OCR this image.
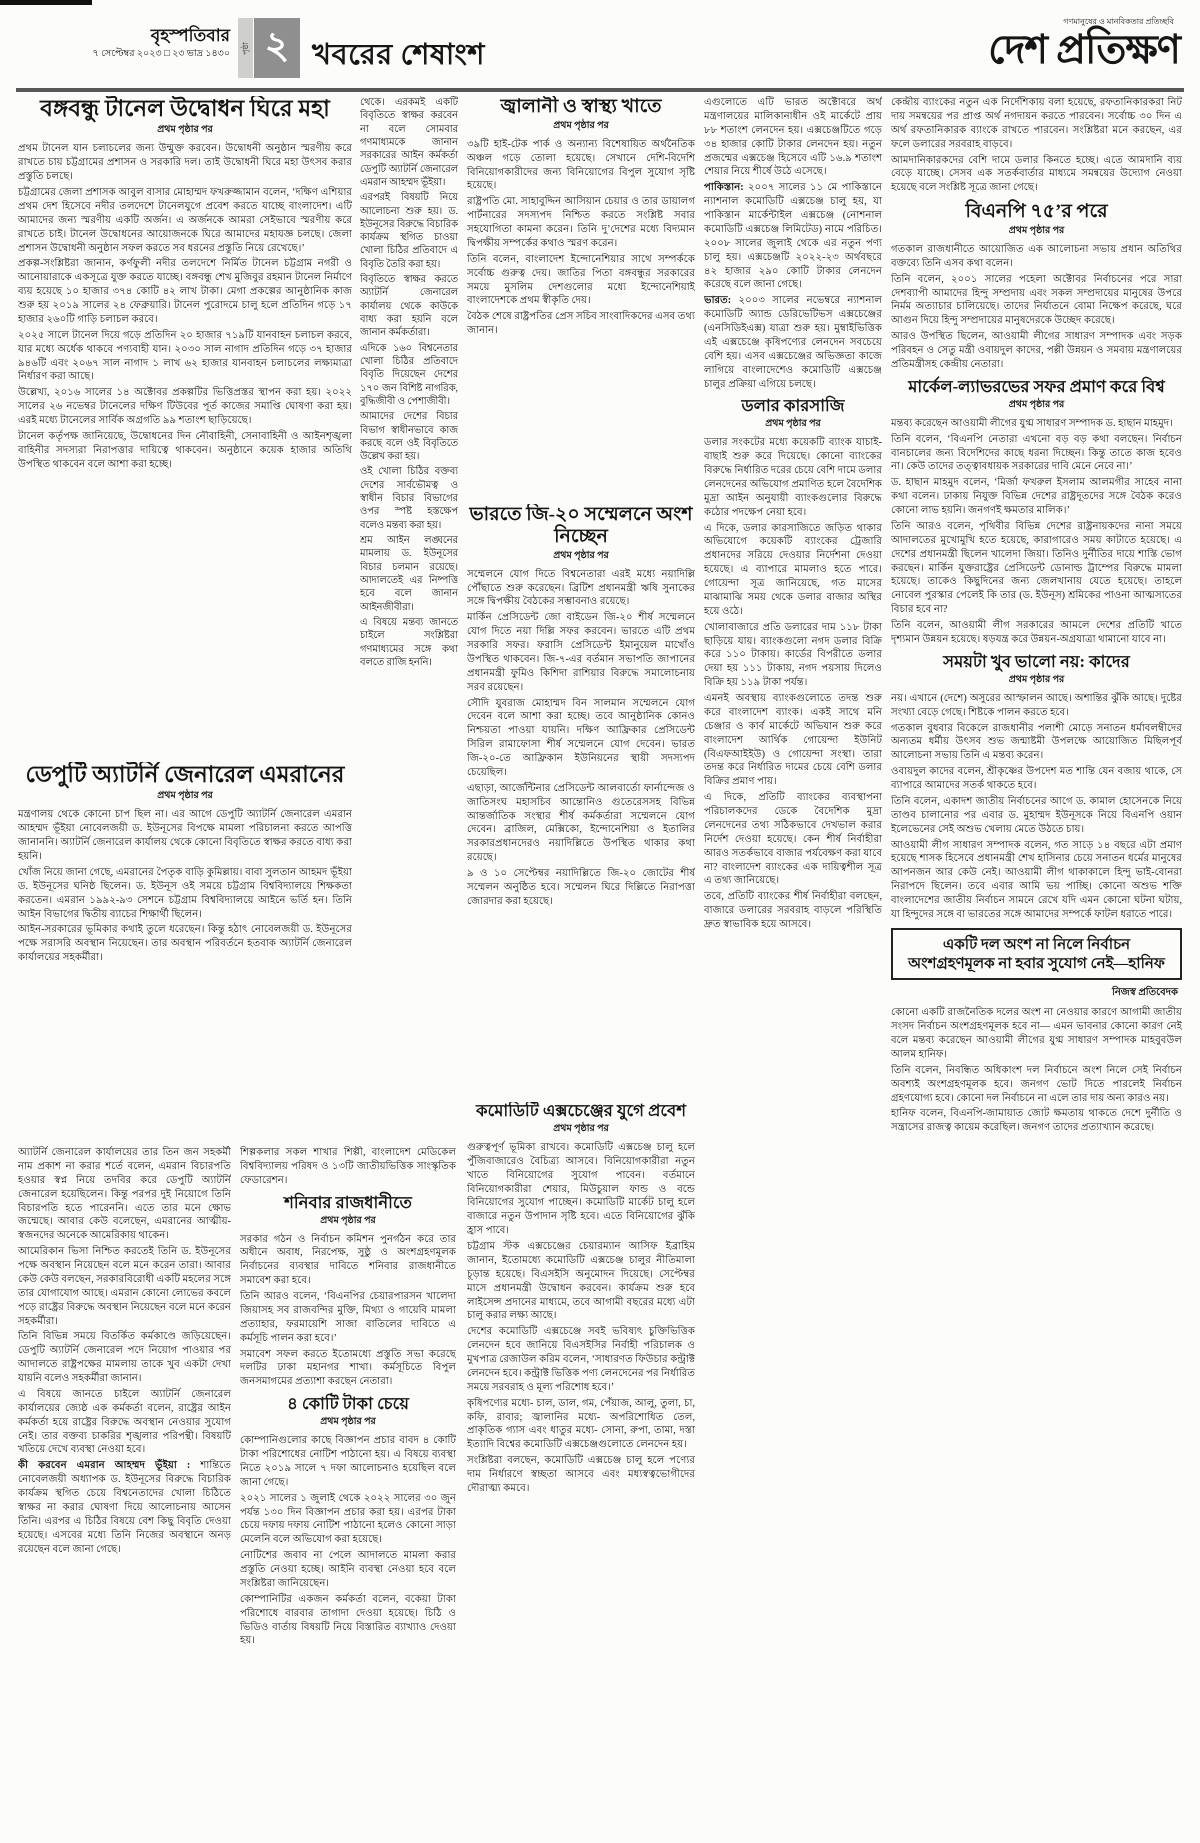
বৃহস্পতিবার
৭ সেপ্টেম্বর ২০২৩ □ ২৩ ভাদ্র ১৪৩০ পৃষ্ঠা ২ খবরের শেষাংশ
গণমানুষের ও মানবিকতার প্রতিচ্ছবি
দেশ প্রতিক্ষণ
বঙ্গবন্ধু টানেল উদ্বোধন ঘিরে মহা
প্রথম পৃষ্ঠার পর

প্রথম টানেল যান চলাচলের জন্য উন্মুক্ত করবেন। উদ্বোধনী অনুষ্ঠান স্মরণীয় করে রাখতে চায় চট্টগ্রামের প্রশাসন ও সরকারি দল। তাই উদ্বোধনী ঘিরে মহা উৎসব করার প্রস্তুতি চলছে।

চট্টগ্রামের জেলা প্রশাসক আবুল বাসার মোহাম্মদ ফখরুজ্জামান বলেন, ‘দক্ষিণ এশিয়ার প্রথম দেশ হিসেবে নদীর তলদেশে টানেলযুগে প্রবেশ করতে যাচ্ছে বাংলাদেশ। এটি আমাদের জন্য স্মরণীয় একটি অর্জন। এ অর্জনকে আমরা সেইভাবে স্মরণীয় করে রাখতে চাই। টানেল উদ্বোধনের আয়োজনকে ঘিরে আমাদের মহাযজ্ঞ চলছে। জেলা প্রশাসন উদ্বোধনী অনুষ্ঠান সফল করতে সব ধরনের প্রস্তুতি নিয়ে রেখেছে।’

প্রকল্প-সংশ্লিষ্টরা জানান, কর্ণফুলী নদীর তলদেশে নির্মিত টানেল চট্টগ্রাম নগরী ও আনোয়ারাকে একসূত্রে যুক্ত করতে যাচ্ছে। বঙ্গবন্ধু শেখ মুজিবুর রহমান টানেল নির্মাণে ব্যয় হয়েছে ১০ হাজার ৩৭৪ কোটি ৪২ লাখ টাকা। মেগা প্রকল্পের আনুষ্ঠানিক কাজ শুরু হয় ২০১৯ সালের ২৪ ফেব্রুয়ারি। টানেল পুরোদমে চালু হলে প্রতিদিন গড়ে ১৭ হাজার ২৬০টি গাড়ি চলাচল করবে।

২০২৫ সালে টানেল দিয়ে গড়ে প্রতিদিন ২০ হাজার ৭১৯টি যানবাহন চলাচল করবে, যার মধ্যে অর্ধেক থাকবে পণ্যবাহী যান। ২০৩০ সাল নাগাদ প্রতিদিন গড়ে ৩৭ হাজার ৯৪৬টি এবং ২০৬৭ সাল নাগাদ ১ লাখ ৬২ হাজার যানবাহন চলাচলের লক্ষ্যমাত্রা নির্ধারণ করা আছে।

উল্লেখ্য, ২০১৬ সালের ১৪ অক্টোবর প্রকল্পটির ভিত্তিপ্রস্তর স্থাপন করা হয়। ২০২২ সালের ২৬ নভেম্বর টানেলের দক্ষিণ টিউবের পূর্ত কাজের সমাপ্তি ঘোষণা করা হয়। এরই মধ্যে টানেলের সার্বিক অগ্রগতি ৯৯ শতাংশ ছাড়িয়েছে।

টানেল কর্তৃপক্ষ জানিয়েছে, উদ্বোধনের দিন নৌবাহিনী, সেনাবাহিনী ও আইনশৃঙ্খলা বাহিনীর সদস্যরা নিরাপত্তার দায়িত্বে থাকবেন। অনুষ্ঠানে কয়েক হাজার অতিথি উপস্থিত থাকবেন বলে আশা করা হচ্ছে।

ডেপুটি অ্যাটর্নি জেনারেল এমরানের
প্রথম পৃষ্ঠার পর

মন্ত্রণালয় থেকে কোনো চাপ ছিল না। এর আগে ডেপুটি অ্যাটর্নি জেনারেল এমরান আহম্মদ ভূঁইয়া নোবেলজয়ী ড. ইউনূসের বিপক্ষে মামলা পরিচালনা করতে আপত্তি জানাননি। অ্যাটর্নি জেনারেল কার্যালয় থেকে কোনো বিবৃতিতে স্বাক্ষর করতে বাধ্য করা হয়নি।

খোঁজ নিয়ে জানা গেছে, এমরানের পৈতৃক বাড়ি কুমিল্লায়। বাবা সুলতান আহমদ ভূঁইয়া ড. ইউনূসের ঘনিষ্ঠ ছিলেন। ড. ইউনূস ওই সময়ে চট্টগ্রাম বিশ্ববিদ্যালয়ে শিক্ষকতা করতেন। এমরান ১৯৯২-৯৩ সেশনে চট্টগ্রাম বিশ্ববিদ্যালয়ে আইনে ভর্তি হন। তিনি আইন বিভাগের দ্বিতীয় ব্যাচের শিক্ষার্থী ছিলেন।

আইন-সরকারের ভূমিকার কথাই তুলে ধরেছেন। কিন্তু হঠাৎ নোবেলজয়ী ড. ইউনূসের পক্ষে সরাসরি অবস্থান নিয়েছেন। তার অবস্থান পরিবর্তনে হতবাক অ্যাটর্নি জেনারেল কার্যালয়ের সহকর্মীরা।

অ্যাটর্নি জেনারেল কার্যালয়ের তার তিন জন সহকর্মী নাম প্রকাশ না করার শর্তে বলেন, এমরান বিচারপতি হওয়ার স্বপ্ন নিয়ে তদবির করে ডেপুটি অ্যাটর্নি জেনারেল হয়েছিলেন। কিন্তু পরপর দুই নিয়োগে তিনি বিচারপতি হতে পারেননি। এতে তার মনে ক্ষোভ জন্মেছে। আবার কেউ বলেছেন, এমরানের আত্মীয়-স্বজনদের অনেকে আমেরিকায় থাকেন।

আমেরিকান ভিসা নিশ্চিত করতেই তিনি ড. ইউনূসের পক্ষে অবস্থান নিয়েছেন বলে মনে করেন তারা। আবার কেউ কেউ বলছেন, সরকারবিরোধী একটি মহলের সঙ্গে তার যোগাযোগ আছে। এমরান কোনো লোভের কবলে পড়ে রাষ্ট্রের বিরুদ্ধে অবস্থান নিয়েছেন বলে মনে করেন সহকর্মীরা।

তিনি বিভিন্ন সময়ে বিতর্কিত কর্মকাণ্ডে জড়িয়েছেন। ডেপুটি অ্যাটর্নি জেনারেল পদে নিয়োগ পাওয়ার পর আদালতে রাষ্ট্রপক্ষের মামলায় তাকে খুব একটা দেখা যায়নি বলেও সহকর্মীরা জানান।

এ বিষয়ে জানতে চাইলে অ্যাটর্নি জেনারেল কার্যালয়ের জ্যেষ্ঠ এক কর্মকর্তা বলেন, রাষ্ট্রের আইন কর্মকর্তা হয়ে রাষ্ট্রের বিরুদ্ধে অবস্থান নেওয়ার সুযোগ নেই। তার বক্তব্য চাকরির শৃঙ্খলার পরিপন্থী। বিষয়টি খতিয়ে দেখে ব্যবস্থা নেওয়া হবে।

কী করবেন এমরান আহম্মদ ভূঁইয়া : শান্তিতে নোবেলজয়ী অধ্যাপক ড. ইউনূসের বিরুদ্ধে বিচারিক কার্যক্রম স্থগিত চেয়ে বিশ্বনেতাদের খোলা চিঠিতে স্বাক্ষর না করার ঘোষণা দিয়ে আলোচনায় আসেন তিনি। এরপর এ চিঠির বিষয়ে বেশ কিছু বিবৃতি দেওয়া হয়েছে। এসবের মধ্যে তিনি নিজের অবস্থানে অনড় রয়েছেন বলে জানা গেছে।

থেকে। এরকমই একটি বিবৃতিতে স্বাক্ষর করবেন না বলে সোমবার গণমাধ্যমকে জানান সরকারের আইন কর্মকর্তা ডেপুটি অ্যাটর্নি জেনারেল এমরান আহম্মদ ভূঁইয়া।

এরপরই বিষয়টি নিয়ে আলোচনা শুরু হয়। ড. ইউনূসের বিরুদ্ধে বিচারিক কার্যক্রম স্থগিত চাওয়া খোলা চিঠির প্রতিবাদে এ বিবৃতি তৈরি করা হয়।

বিবৃতিতে স্বাক্ষর করতে অ্যাটর্নি জেনারেল কার্যালয় থেকে কাউকে বাধ্য করা হয়নি বলে জানান কর্মকর্তারা।

এদিকে ১৬০ বিশ্বনেতার খোলা চিঠির প্রতিবাদে বিবৃতি দিয়েছেন দেশের ১৭০ জন বিশিষ্ট নাগরিক, বুদ্ধিজীবী ও পেশাজীবী।

আমাদের দেশের বিচার বিভাগ স্বাধীনভাবে কাজ করছে বলে ওই বিবৃতিতে উল্লেখ করা হয়।

ওই খোলা চিঠির বক্তব্য দেশের সার্বভৌমত্ব ও স্বাধীন বিচার বিভাগের ওপর স্পষ্ট হস্তক্ষেপ বলেও মন্তব্য করা হয়।

শ্রম আইন লঙ্ঘনের মামলায় ড. ইউনূসের বিচার চলমান রয়েছে। আদালতেই এর নিষ্পত্তি হবে বলে জানান আইনজীবীরা।

এ বিষয়ে মন্তব্য জানতে চাইলে সংশ্লিষ্টরা গণমাধ্যমের সঙ্গে কথা বলতে রাজি হননি।

জ্বালানী ও স্বাস্থ্য খাতে
প্রথম পৃষ্ঠার পর

৩৯টি হাই-টেক পার্ক ও অন্যান্য বিশেষায়িত অর্থনৈতিক অঞ্চল গড়ে তোলা হয়েছে। সেখানে দেশি-বিদেশি বিনিয়োগকারীদের জন্য বিনিয়োগের বিপুল সুযোগ সৃষ্টি হয়েছে।

রাষ্ট্রপতি মো. সাহাবুদ্দিন আসিয়ান চেয়ার ও তার ডায়ালগ পার্টনারের সদস্যপদ নিশ্চিত করতে সংশ্লিষ্ট সবার সহযোগিতা কামনা করেন। তিনি দু’দেশের মধ্যে বিদ্যমান দ্বিপক্ষীয় সম্পর্কের কথাও স্মরণ করেন।

তিনি বলেন, বাংলাদেশ ইন্দোনেশিয়ার সাথে সম্পর্ককে সর্বোচ্চ গুরুত্ব দেয়। জাতির পিতা বঙ্গবন্ধুর সরকারের সময়ে মুসলিম দেশগুলোর মধ্যে ইন্দোনেশিয়াই বাংলাদেশকে প্রথম স্বীকৃতি দেয়।

বৈঠক শেষে রাষ্ট্রপতির প্রেস সচিব সাংবাদিকদের এসব তথ্য জানান।

ভারতে জি-২০ সম্মেলনে অংশ নিচ্ছেন
প্রথম পৃষ্ঠার পর

সম্মেলনে যোগ দিতে বিশ্বনেতারা এরই মধ্যে নয়াদিল্লি পৌঁছাতে শুরু করেছেন। ব্রিটিশ প্রধানমন্ত্রী ঋষি সুনাকের সঙ্গে দ্বিপক্ষীয় বৈঠকের সম্ভাবনাও রয়েছে।

মার্কিন প্রেসিডেন্ট জো বাইডেন জি-২০ শীর্ষ সম্মেলনে যোগ দিতে নয়া দিল্লি সফর করবেন। ভারতে এটি প্রথম সরকারি সফর। ফরাসি প্রেসিডেন্ট ইমানুয়েল মাখোঁও উপস্থিত থাকবেন। জি-৭-এর বর্তমান সভাপতি জাপানের প্রধানমন্ত্রী ফুমিও কিশিদা রাশিয়ার বিরুদ্ধে সমালোচনায় সরব রয়েছেন।

সৌদি যুবরাজ মোহাম্মদ বিন সালমান সম্মেলনে যোগ দেবেন বলে আশা করা হচ্ছে। তবে আনুষ্ঠানিক কোনও নিশ্চয়তা পাওয়া যায়নি। দক্ষিণ আফ্রিকার প্রেসিডেন্ট সিরিল রামাফোসা শীর্ষ সম্মেলনে যোগ দেবেন। ভারত জি-২০-তে আফ্রিকান ইউনিয়নের স্থায়ী সদস্যপদ চেয়েছিল।

এছাড়া, আর্জেন্টিনার প্রেসিডেন্ট আলবার্তো ফার্নান্দেজ ও জাতিসংঘ মহাসচিব আন্তোনিও গুতেরেসসহ বিভিন্ন আন্তর্জাতিক সংস্থার শীর্ষ কর্মকর্তারা সম্মেলনে যোগ দেবেন। ব্রাজিল, মেক্সিকো, ইন্দোনেশিয়া ও ইতালির সরকারপ্রধানদেরও নয়াদিল্লিতে উপস্থিত থাকার কথা রয়েছে।

৯ ও ১০ সেপ্টেম্বর নয়াদিল্লিতে জি-২০ জোটের শীর্ষ সম্মেলন অনুষ্ঠিত হবে। সম্মেলন ঘিরে দিল্লিতে নিরাপত্তা জোরদার করা হয়েছে।

কমোডিটি এক্সচেঞ্জের যুগে প্রবেশ
প্রথম পৃষ্ঠার পর

গুরুত্বপূর্ণ ভূমিকা রাখবে। কমোডিটি এক্সচেঞ্জ চালু হলে পুঁজিবাজারেও বৈচিত্র্য আসবে। বিনিয়োগকারীরা নতুন খাতে বিনিয়োগের সুযোগ পাবেন। বর্তমানে বিনিয়োগকারীরা শেয়ার, মিউচুয়াল ফান্ড ও বন্ডে বিনিয়োগের সুযোগ পাচ্ছেন। কমোডিটি মার্কেট চালু হলে বাজারে নতুন উপাদান সৃষ্টি হবে। এতে বিনিয়োগের ঝুঁকি হ্রাস পাবে।

চট্টগ্রাম স্টক এক্সচেঞ্জের চেয়ারম্যান আসিফ ইব্রাহিম জানান, ইতোমধ্যে কমোডিটি এক্সচেঞ্জ চালুর নীতিমালা চূড়ান্ত হয়েছে। বিএসইসি অনুমোদন দিয়েছে। সেপ্টেম্বর মাসে প্রধানমন্ত্রী উদ্বোধন করবেন। কার্যক্রম শুরু হবে লাইসেন্স প্রদানের মাধ্যমে, তবে আগামী বছরের মধ্যে এটা চালু করার লক্ষ্য আছে।

দেশের কমোডিটি এক্সচেঞ্জে সবই ভবিষ্যৎ চুক্তিভিত্তিক লেনদেন হবে জানিয়ে বিএসইসির নির্বাহী পরিচালক ও মুখপাত্র রেজাউল করিম বলেন, ‘সাধারণত ফিউচার কন্ট্রাক্ট লেনদেন হবে। কন্ট্রাক্ট ভিত্তিক পণ্য লেনদেনের পর নির্ধারিত সময়ে সরবরাহ ও মূল্য পরিশোধ হবে।’

কৃষিপণ্যের মধ্যে- চাল, ডাল, গম, পেঁয়াজ, আলু, তুলা, চা, কফি, রাবার; জ্বালানির মধ্যে- অপরিশোধিত তেল, প্রাকৃতিক গ্যাস এবং ধাতুর মধ্যে- সোনা, রুপা, তামা, দস্তা ইত্যাদি বিশ্বের কমোডিটি এক্সচেঞ্জগুলোতে লেনদেন হয়।

সংশ্লিষ্টরা বলছেন, কমোডিটি এক্সচেঞ্জ চালু হলে পণ্যের দাম নির্ধারণে স্বচ্ছতা আসবে এবং মধ্যস্বত্বভোগীদের দৌরাত্ম্য কমবে।

শিল্পকলার সকল শাখার শিল্পী, বাংলাদেশ মেডিকেল বিশ্ববিদ্যালয় পরিষদ ও ১৩টি জাতীয়ভিত্তিক সাংস্কৃতিক ফেডারেশন।

শনিবার রাজধানীতে
প্রথম পৃষ্ঠার পর

সরকার গঠন ও নির্বাচন কমিশন পুনর্গঠন করে তার অধীনে অবাধ, নিরপেক্ষ, সুষ্ঠু ও অংশগ্রহণমূলক নির্বাচনের ব্যবস্থার দাবিতে শনিবার রাজধানীতে সমাবেশ করা হবে।

তিনি আরও বলেন, ‘বিএনপির চেয়ারপারসন খালেদা জিয়াসহ সব রাজবন্দির মুক্তি, মিথ্যা ও গায়েবি মামলা প্রত্যাহার, ফরমায়েশি সাজা বাতিলের দাবিতে এ কর্মসূচি পালন করা হবে।’

সমাবেশ সফল করতে ইতোমধ্যে প্রস্তুতি সভা করেছে দলটির ঢাকা মহানগর শাখা। কর্মসূচিতে বিপুল জনসমাগমের প্রত্যাশা করছেন নেতারা।

৪ কোটি টাকা চেয়ে
প্রথম পৃষ্ঠার পর

কোম্পানিগুলোর কাছে বিজ্ঞাপন প্রচার বাবদ ৪ কোটি টাকা পরিশোধের নোটিশ পাঠানো হয়। এ বিষয়ে ব্যবস্থা নিতে ২০১৯ সালে ৭ দফা আলোচনাও হয়েছিল বলে জানা গেছে।

২০২১ সালের ১ জুলাই থেকে ২০২২ সালের ৩০ জুন পর্যন্ত ১৩০ দিন বিজ্ঞাপন প্রচার করা হয়। এরপর টাকা চেয়ে দফায় দফায় নোটিশ পাঠানো হলেও কোনো সাড়া মেলেনি বলে অভিযোগ করা হয়েছে।

নোটিশের জবাব না পেলে আদালতে মামলা করার প্রস্তুতি নেওয়া হচ্ছে। আইনি ব্যবস্থা নেওয়া হবে বলে সংশ্লিষ্টরা জানিয়েছেন।

কোম্পানিটির একজন কর্মকর্তা বলেন, বকেয়া টাকা পরিশোধে বারবার তাগাদা দেওয়া হয়েছে। চিঠি ও ভিডিও বার্তায় বিষয়টি নিয়ে বিস্তারিত ব্যাখ্যাও দেওয়া হয়।

এগুলোতে এটি ভারত অক্টোবরে অর্থ মন্ত্রণালয়ের মালিকানাধীন ওই মার্কেটে প্রায় ৮৮ শতাংশ লেনদেন হয়। এক্সচেঞ্জটিতে গড়ে ৩৪ হাজার কোটি টাকার লেনদেন হয়। নতুন প্রজন্মের এক্সচেঞ্জ হিসেবে এটি ১৬.৯ শতাংশ শেয়ার নিয়ে শীর্ষে উঠে এসেছে।

পাকিস্তান: ২০০৭ সালের ১১ মে পাকিস্তানে ন্যাশনাল কমোডিটি এক্সচেঞ্জ চালু হয়, যা পাকিস্তান মার্কেন্টাইল এক্সচেঞ্জ (নোশনাল কমোডিটি এক্সচেঞ্জ লিমিটেড) নামে পরিচিত। ২০০৮ সালের জুলাই থেকে এর নতুন পণ্য চালু হয়। এক্সচেঞ্জটি ২০২২-২৩ অর্থবছরে ৪২ হাজার ২৯০ কোটি টাকার লেনদেন করেছে বলে জানা গেছে।

ভারত: ২০০৩ সালের নভেম্বরে ন্যাশনাল কমোডিটি অ্যান্ড ডেরিভেটিভস এক্সচেঞ্জের (এনসিডিইএক্স) যাত্রা শুরু হয়। মুম্বাইভিত্তিক এই এক্সচেঞ্জে কৃষিপণ্যের লেনদেন সবচেয়ে বেশি হয়। এসব এক্সচেঞ্জের অভিজ্ঞতা কাজে লাগিয়ে বাংলাদেশেও কমোডিটি এক্সচেঞ্জ চালুর প্রক্রিয়া এগিয়ে চলছে।

ডলার কারসাজি
প্রথম পৃষ্ঠার পর

ডলার সংকটের মধ্যে কয়েকটি ব্যাংক যাচাই-বাছাই শুরু করে দিয়েছে। কোনো ব্যাংকের বিরুদ্ধে নির্ধারিত দরের চেয়ে বেশি দামে ডলার লেনদেনের অভিযোগ প্রমাণিত হলে বৈদেশিক মুদ্রা আইন অনুযায়ী ব্যাংকগুলোর বিরুদ্ধে কঠোর পদক্ষেপ নেয়া হবে।

এ দিকে, ডলার কারসাজিতে জড়িত থাকার অভিযোগে কয়েকটি ব্যাংকের ট্রেজারি প্রধানদের সরিয়ে দেওয়ার নির্দেশনা দেওয়া হয়েছে। এ ব্যাপারে মামলাও হতে পারে। গোয়েন্দা সূত্র জানিয়েছে, গত মাসের মাঝামাঝি সময় থেকে ডলার বাজার অস্থির হয়ে ওঠে।

খোলাবাজারে প্রতি ডলারের দাম ১১৮ টাকা ছাড়িয়ে যায়। ব্যাংকগুলো নগদ ডলার বিক্রি করে ১১০ টাকায়। কার্ডের বিপরীতে ডলার দেয়া হয় ১১১ টাকায়, নগদ পয়সায় দিলেও বিক্রি হয় ১১৯ টাকা পর্যন্ত।

এমনই অবস্থায় ব্যাংকগুলোতে তদন্ত শুরু করে বাংলাদেশ ব্যাংক। একই সাথে মনি চেঞ্জার ও কার্ব মার্কেটে অভিযান শুরু করে বাংলাদেশ আর্থিক গোয়েন্দা ইউনিট (বিএফআইইউ) ও গোয়েন্দা সংস্থা। তারা তদন্ত করে নির্ধারিত দামের চেয়ে বেশি ডলার বিক্রির প্রমাণ পায়।

এ দিকে, প্রতিটি ব্যাংকের ব্যবস্থাপনা পরিচালকদের ডেকে বৈদেশিক মুদ্রা লেনদেনের তথ্য সঠিকভাবে দেখভাল করার নির্দেশ দেওয়া হয়েছে। কেন শীর্ষ নির্বাহীরা আরও সতর্কভাবে বাজার পর্যবেক্ষণ করা যাবে না? বাংলাদেশ ব্যাংকের এক দায়িত্বশীল সূত্র এ তথ্য জানিয়েছে।

তবে, প্রতিটি ব্যাংকের শীর্ষ নির্বাহীরা বলছেন, বাজারে ডলারের সরবরাহ বাড়লে পরিস্থিতি দ্রুত স্বাভাবিক হয়ে আসবে।

কেন্দ্রীয় ব্যাংকের নতুন এক নির্দেশিকায় বলা হয়েছে, রফতানিকারকরা নিট দায় সমন্বয়ের পর প্রাপ্ত অর্থ নগদায়ন করতে পারবেন। সর্বোচ্চ ৩০ দিন এ অর্থ রফতানিকারক ব্যাংকে রাখতে পারবেন। সংশ্লিষ্টরা মনে করছেন, এর ফলে ডলারের সরবরাহ বাড়বে।

আমদানিকারকদের বেশি দামে ডলার কিনতে হচ্ছে। এতে আমদানি ব্যয় বেড়ে যাচ্ছে। সেসব এক সতর্কবার্তার মাধ্যমে সমন্বয়ের উদ্যোগ নেওয়া হয়েছে বলে সংশ্লিষ্ট সূত্রে জানা গেছে।

বিএনপি ৭৫’র পরে
প্রথম পৃষ্ঠার পর

গতকাল রাজধানীতে আয়োজিত এক আলোচনা সভায় প্রধান অতিথির বক্তব্যে তিনি এসব কথা বলেন।

তিনি বলেন, ২০০১ সালের পহেলা অক্টোবর নির্বাচনের পরে সারা দেশব্যাপী আমাদের হিন্দু সম্প্রদায় এবং সকল সম্প্রদায়ের মানুষের উপরে নির্মম অত্যাচার চালিয়েছে। তাদের নির্যাতনে বোমা নিক্ষেপ করেছে, ঘরে আগুন দিয়ে হিন্দু সম্প্রদায়ের মানুষদেরকে উচ্ছেদ করেছে।

আরও উপস্থিত ছিলেন, আওয়ামী লীগের সাধারণ সম্পাদক এবং সড়ক পরিবহন ও সেতু মন্ত্রী ওবায়দুল কাদের, পল্লী উন্নয়ন ও সমবায় মন্ত্রণালয়ের প্রতিমন্ত্রীসহ কেন্দ্রীয় নেতারা।

মার্কেল-ল্যাভরভের সফর প্রমাণ করে বিশ্ব
প্রথম পৃষ্ঠার পর

মন্তব্য করেছেন আওয়ামী লীগের যুগ্ম সাধারণ সম্পাদক ড. হাছান মাহমুদ।

তিনি বলেন, ‘বিএনপি নেতারা এখনো বড় বড় কথা বলছেন। নির্বাচন বানচালের জন্য বিদেশিদের কাছে ধরনা দিচ্ছেন। কিন্তু তাতে কাজ হবেও না। কেউ তাদের তত্ত্বাবধায়ক সরকারের দাবি মেনে নেবে না।’

ড. হাছান মাহমুদ বলেন, ‘মির্জা ফখরুল ইসলাম আলমগীর সাহেব নানা কথা বলেন। ঢাকায় নিযুক্ত বিভিন্ন দেশের রাষ্ট্রদূতদের সঙ্গে বৈঠক করেও কোনো লাভ হয়নি। জনগণই ক্ষমতার মালিক।’

তিনি আরও বলেন, পৃথিবীর বিভিন্ন দেশের রাষ্ট্রনায়কদের নানা সময়ে আদালতের মুখোমুখি হতে হয়েছে, কারাগারেও সময় কাটাতে হয়েছে। এ দেশের প্রধানমন্ত্রী ছিলেন খালেদা জিয়া। তিনিও দুর্নীতির দায়ে শাস্তি ভোগ করছেন। মার্কিন যুক্তরাষ্ট্রের প্রেসিডেন্ট ডোনাল্ড ট্রাম্পের বিরুদ্ধে মামলা হয়েছে। তাকেও কিছুদিনের জন্য জেলখানায় যেতে হয়েছে। তাহলে নোবেল পুরস্কার পেলেই কি তার (ড. ইউনূস) শ্রমিকের পাওনা আত্মসাতের বিচার হবে না?

তিনি বলেন, আওয়ামী লীগ সরকারের আমলে দেশের প্রতিটি খাতে দৃশ্যমান উন্নয়ন হয়েছে। ষড়যন্ত্র করে উন্নয়ন-অগ্রযাত্রা থামানো যাবে না।

সময়টা খুব ভালো নয়: কাদের
প্রথম পৃষ্ঠার পর

নয়। এখানে (দেশে) অসুরের আস্ফালন আছে। অশান্তির ঝুঁকি আছে। দুষ্টের সংখ্যা বেড়ে গেছে। শিষ্টকে পালন করতে হবে।

গতকাল বুধবার বিকেলে রাজধানীর পলাশী মোড়ে সনাতন ধর্মাবলম্বীদের অন্যতম ধর্মীয় উৎসব শুভ জন্মাষ্টমী উপলক্ষে আয়োজিত মিছিলপূর্ব আলোচনা সভায় তিনি এ মন্তব্য করেন।

ওবায়দুল কাদের বলেন, শ্রীকৃষ্ণের উপদেশ মত শান্তি যেন বজায় থাকে, সে ব্যাপারে আমাদের সতর্ক থাকতে হবে।

তিনি বলেন, একাদশ জাতীয় নির্বাচনের আগে ড. কামাল হোসেনকে নিয়ে তাণ্ডব চালানোর পর এবার ড. মুহাম্মদ ইউনূসকে নিয়ে বিএনপি ওয়ান ইলেভেনের সেই অশুভ খেলায় মেতে উঠতে চায়।

আওয়ামী লীগ সাধারণ সম্পাদক বলেন, গত সাড়ে ১৪ বছরে এটা প্রমাণ হয়েছে শাসক হিসেবে প্রধানমন্ত্রী শেখ হাসিনার চেয়ে সনাতন ধর্মের মানুষের আপনজন আর কেউ নেই। আওয়ামী লীগ থাকাকালে হিন্দু ভাই-বোনরা নিরাপদে ছিলেন। তবে এবার আমি ভয় পাচ্ছি। কোনো অশুভ শক্তি বাংলাদেশের জাতীয় নির্বাচন সামনে রেখে যদি এমন কোনো ঘটনা ঘটায়, যা হিন্দুদের সঙ্গে বা ভারতের সঙ্গে আমাদের সম্পর্কে ফাটল ধরাতে পারে।

একটি দল অংশ না নিলে নির্বাচন অংশগ্রহণমূলক না হবার সুযোগ নেই—হানিফ
নিজস্ব প্রতিবেদক

কোনো একটি রাজনৈতিক দলের অংশ না নেওয়ার কারণে আগামী জাতীয় সংসদ নির্বাচন অংশগ্রহণমূলক হবে না— এমন ভাবনার কোনো কারণ নেই বলে মন্তব্য করেছেন আওয়ামী লীগের যুগ্ম সাধারণ সম্পাদক মাহবুবউল আলম হানিফ।

তিনি বলেন, নিবন্ধিত অধিকাংশ দল নির্বাচনে অংশ নিলে সেই নির্বাচন অবশ্যই অংশগ্রহণমূলক হবে। জনগণ ভোট দিতে পারলেই নির্বাচন গ্রহণযোগ্য হবে। কোনো দল নির্বাচনে না এলে তার দায় অন্য কারও নয়।

হানিফ বলেন, বিএনপি-জামায়াত জোট ক্ষমতায় থাকতে দেশে দুর্নীতি ও সন্ত্রাসের রাজত্ব কায়েম করেছিল। জনগণ তাদের প্রত্যাখ্যান করেছে।
